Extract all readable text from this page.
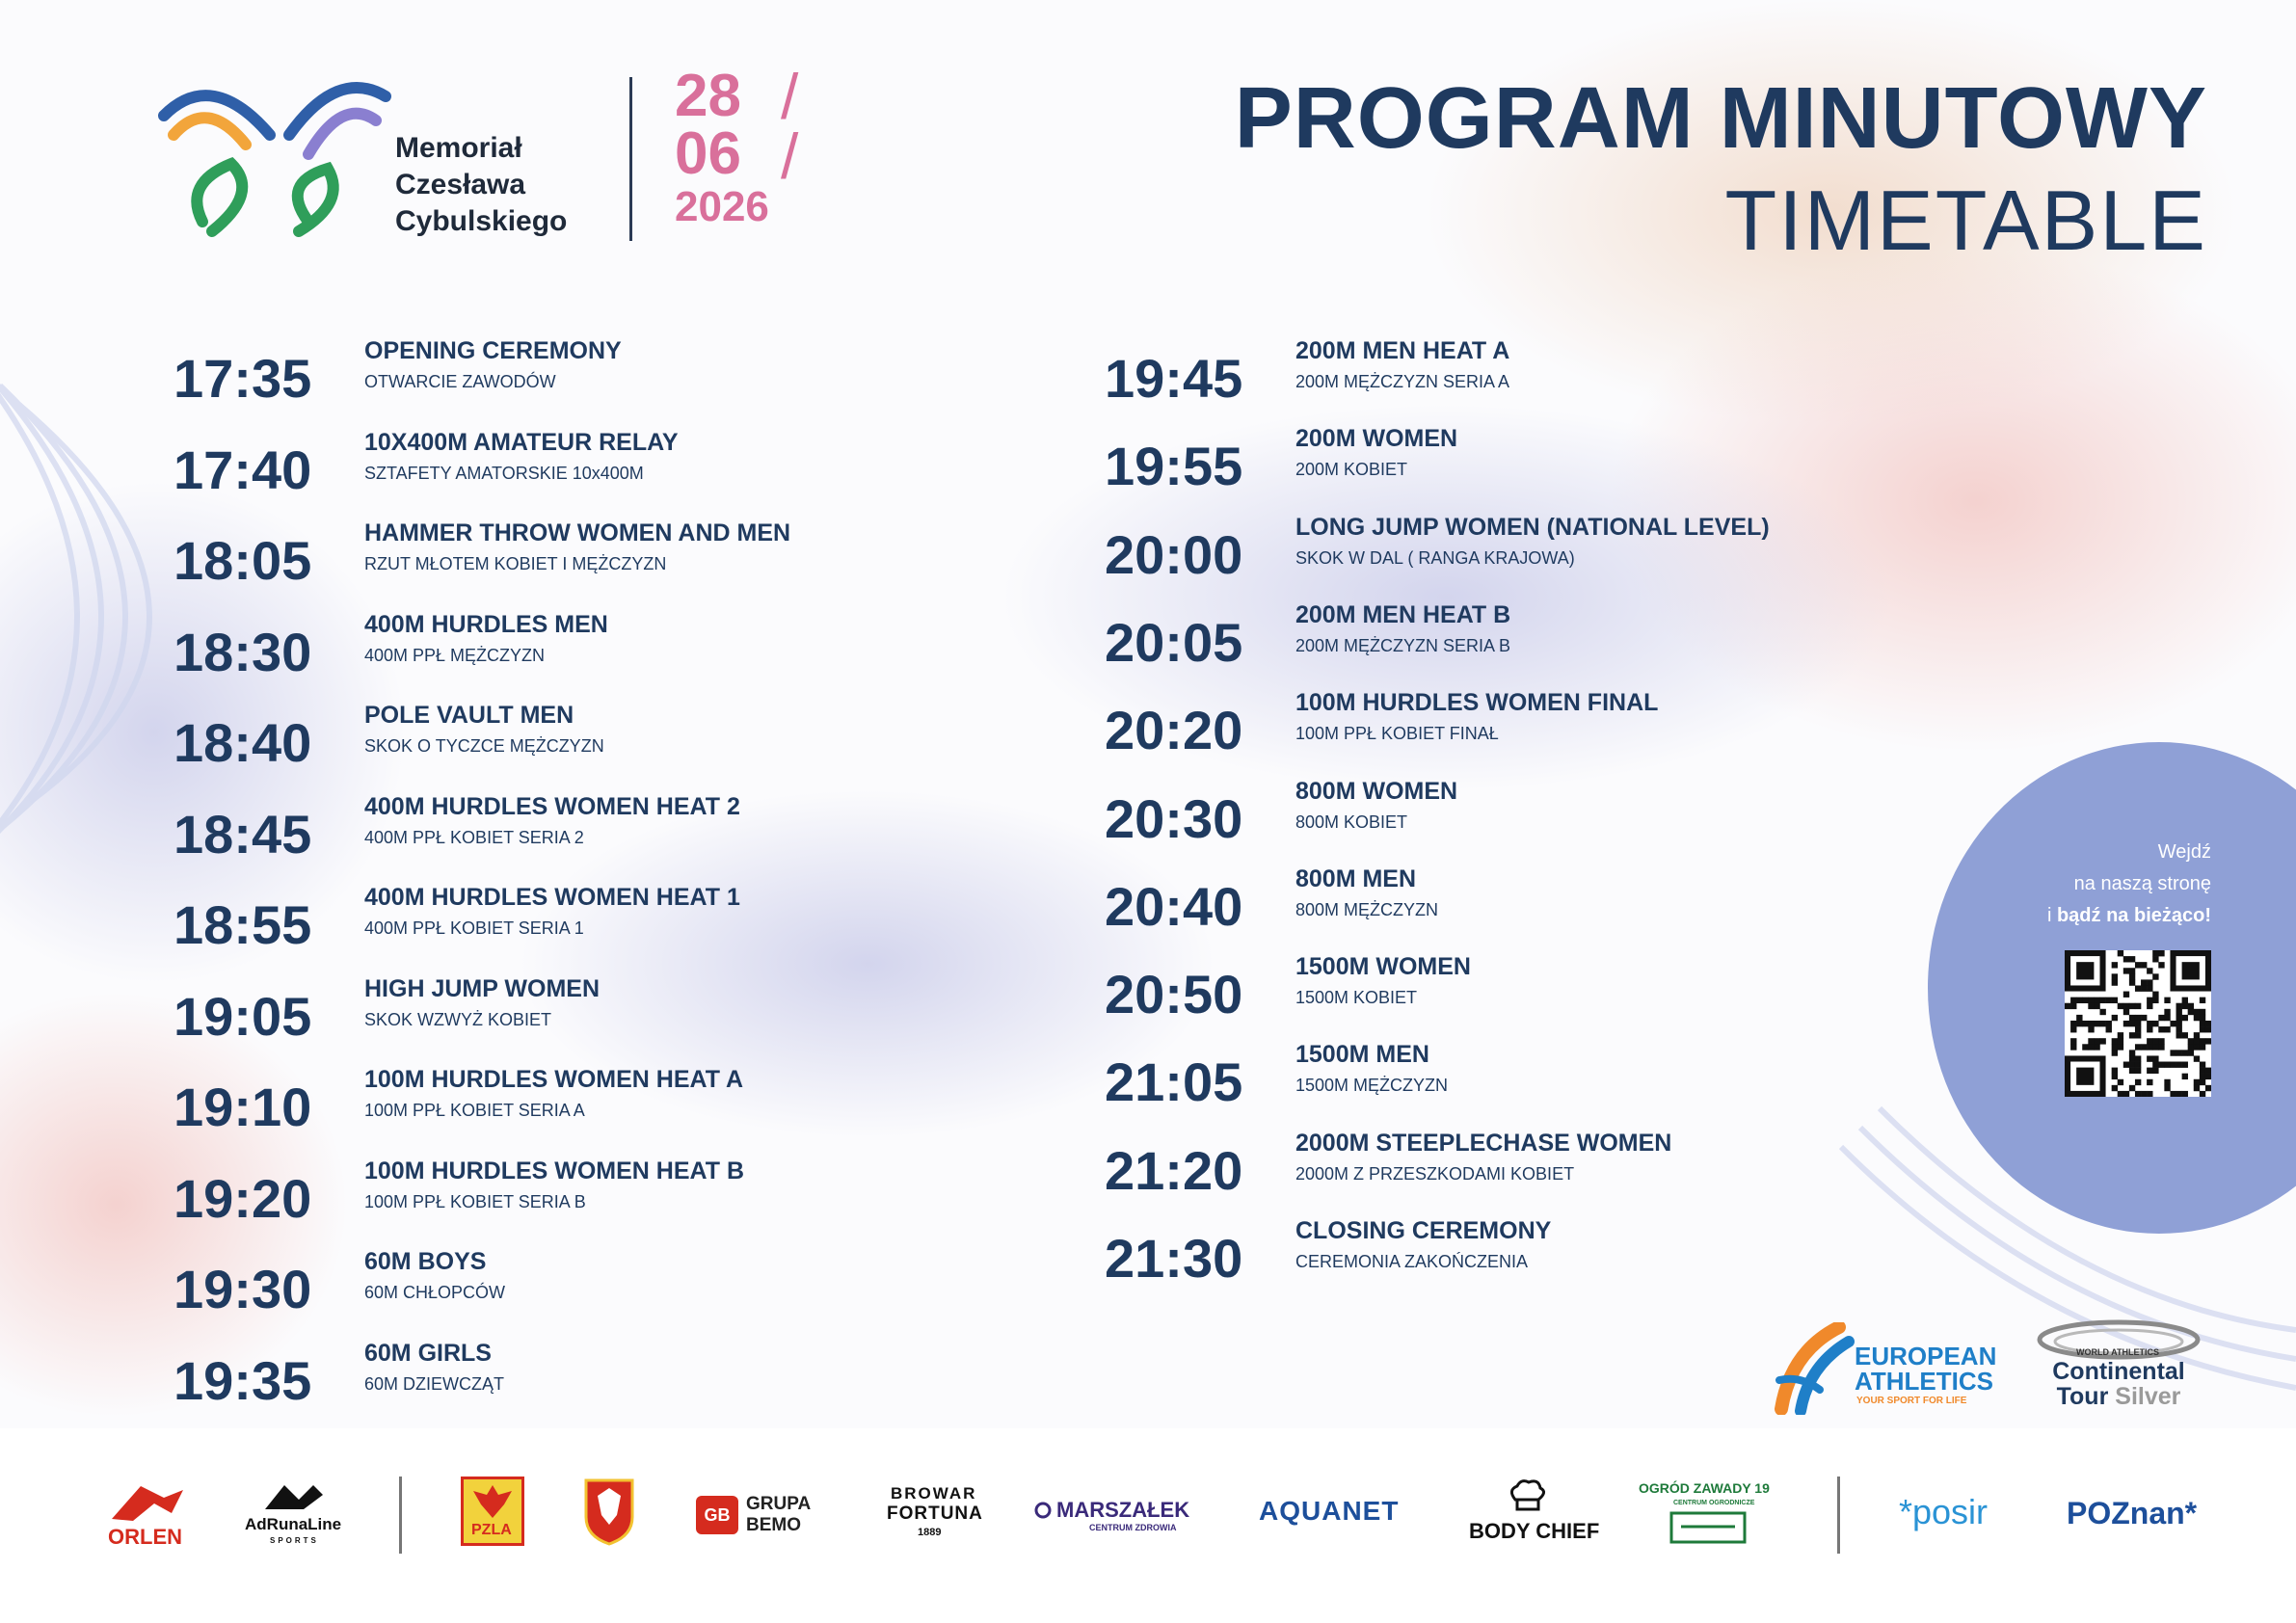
Memoriał
Czesława
Cybulskiego
28
06
2026
/
/	PROGRAM MINUTOWY
TIMETABLE
17:35 OPENING CEREMONY
OTWARCIE ZAWODÓW
17:40 10X400M AMATEUR RELAY
SZTAFETY AMATORSKIE 10x400M
18:05 HAMMER THROW WOMEN AND MEN
RZUT MŁOTEM KOBIET I MĘŻCZYZN
18:30 400M HURDLES MEN
400M PPŁ MĘŻCZYZN
18:40 POLE VAULT MEN
SKOK O TYCZCE MĘŻCZYZN
18:45 400M HURDLES WOMEN HEAT 2
400M PPŁ KOBIET SERIA 2
18:55 400M HURDLES WOMEN HEAT 1
400M PPŁ KOBIET SERIA 1
19:05 HIGH JUMP WOMEN
SKOK WZWYŻ KOBIET
19:10 100M HURDLES WOMEN HEAT A
100M PPŁ KOBIET SERIA A
19:20 100M HURDLES WOMEN HEAT B
100M PPŁ KOBIET SERIA B
19:30 60M BOYS
60M CHŁOPCÓW
19:35 60M GIRLS
60M DZIEWCZĄT
19:45 200M MEN HEAT A
200M MĘŻCZYZN SERIA A
19:55 200M WOMEN
200M KOBIET
20:00 LONG JUMP WOMEN (NATIONAL LEVEL)
SKOK W DAL ( RANGA KRAJOWA)
20:05 200M MEN HEAT B
200M MĘŻCZYZN SERIA B
20:20 100M HURDLES WOMEN FINAL
100M PPŁ KOBIET FINAŁ
20:30 800M WOMEN
800M KOBIET
20:40 800M MEN
800M MĘŻCZYZN
20:50 1500M WOMEN
1500M KOBIET
21:05 1500M MEN
1500M MĘŻCZYZN
21:20 2000M STEEPLECHASE WOMEN
2000M Z PRZESZKODAMI KOBIET
21:30 CLOSING CEREMONY
CEREMONIA ZAKOŃCZENIA
Wejdź
na naszą stronę
i bądź na bieżąco!
EUROPEAN
ATHLETICS
YOUR SPORT FOR LIFE
WORLD ATHLETICS
Continental
Tour Silver
ORLEN
AdRunaLine
SPORTS
PZLA
GB
GRUPA
BEMO
BROWAR
FORTUNA
1889
MARSZAŁEK
CENTRUM ZDROWIA
AQUANET
BODY CHIEF
OGRÓD ZAWADY 19
CENTRUM OGRODNICZE	*posir	POZnan*
